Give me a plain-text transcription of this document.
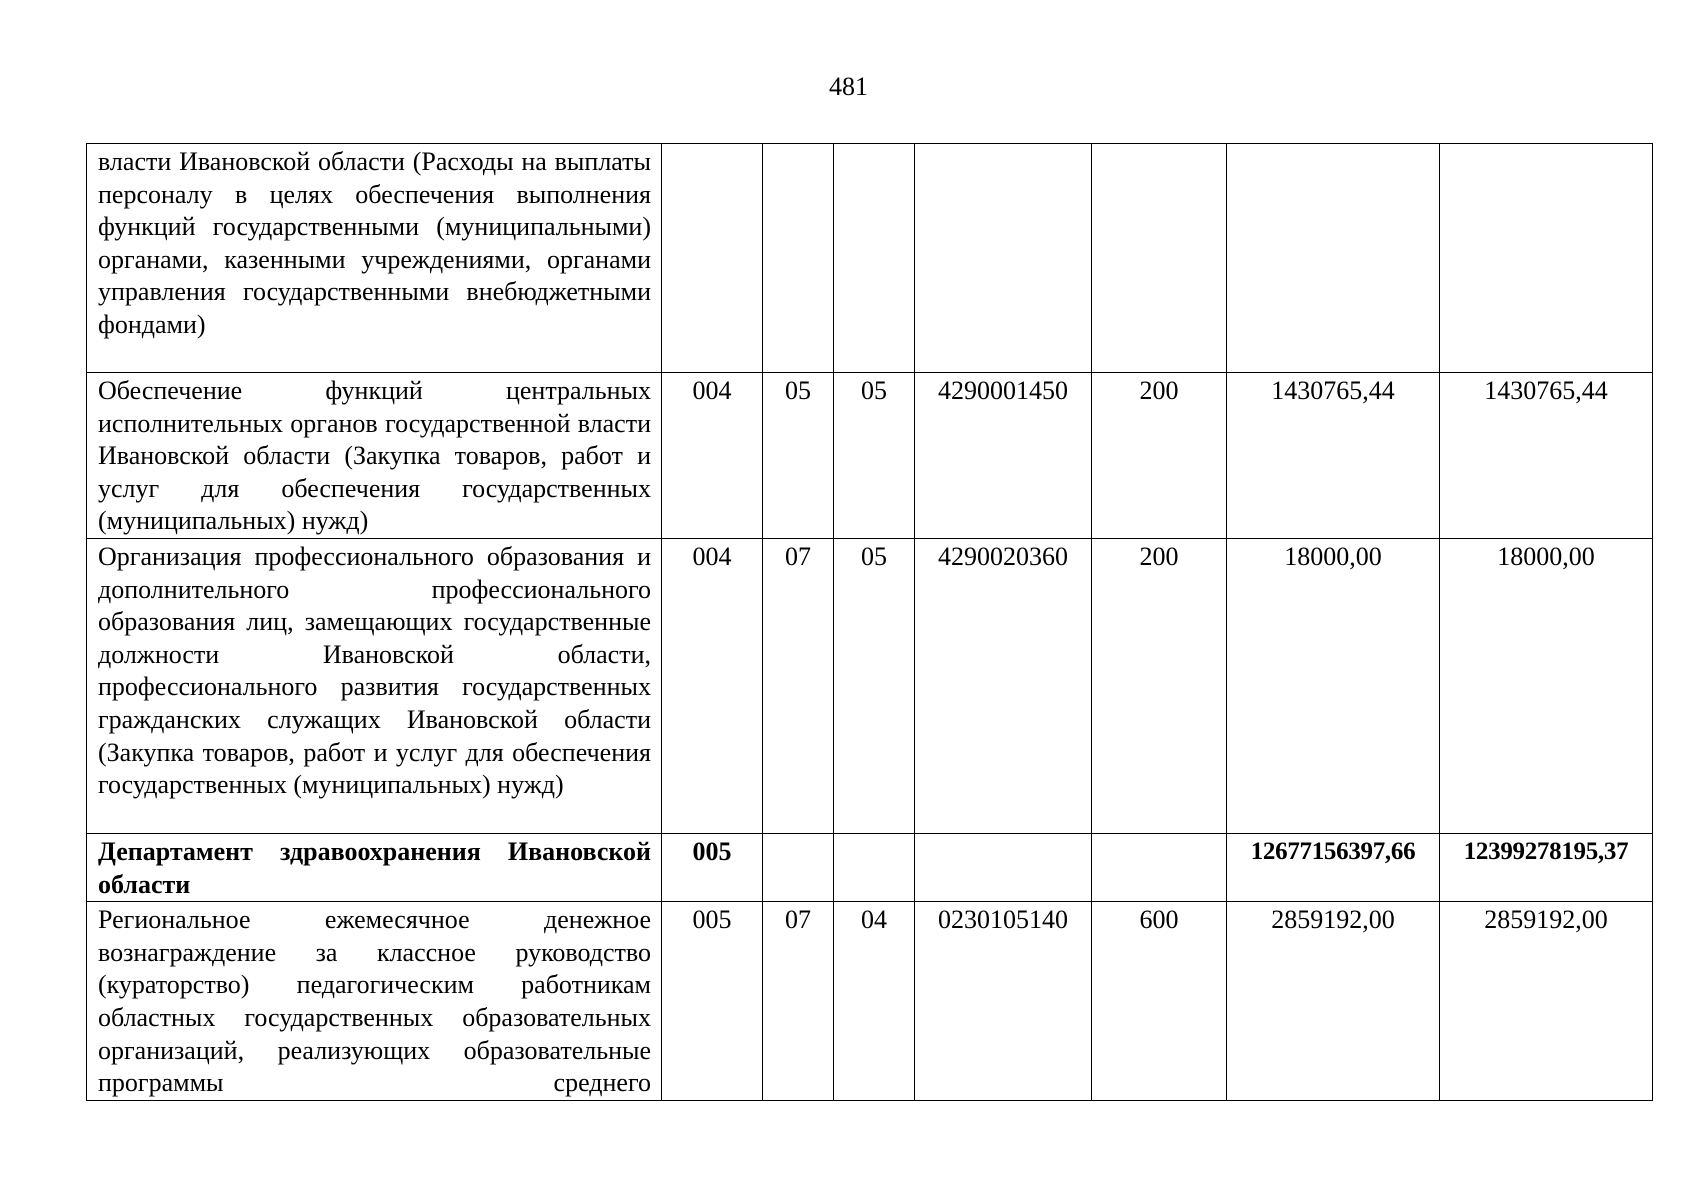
481
власти Ивановской области (Расходы на выплаты персоналу в целях обеспечения выполнения функций государственными (муниципальными) органами, казенными учреждениями, органами управления государственными внебюджетными фондами)							
Обеспечение функций центральных исполнительных органов государственной власти Ивановской области (Закупка товаров, работ и услуг для обеспечения государственных (муниципальных) нужд)	004	05	05	4290001450	200	1430765,44	1430765,44
Организация профессионального образования и дополнительного профессионального образования лиц, замещающих государственные должности Ивановской области, профессионального развития государственных гражданских служащих Ивановской области (Закупка товаров, работ и услуг для обеспечения государственных (муниципальных) нужд)	004	07	05	4290020360	200	18000,00	18000,00
Департамент здравоохранения Ивановской области	005					12677156397,66	12399278195,37
Региональное ежемесячное денежное вознаграждение за классное руководство (кураторство) педагогическим работникам областных государственных образовательных организаций, реализующих образовательные программы среднего	005	07	04	0230105140	600	2859192,00	2859192,00
